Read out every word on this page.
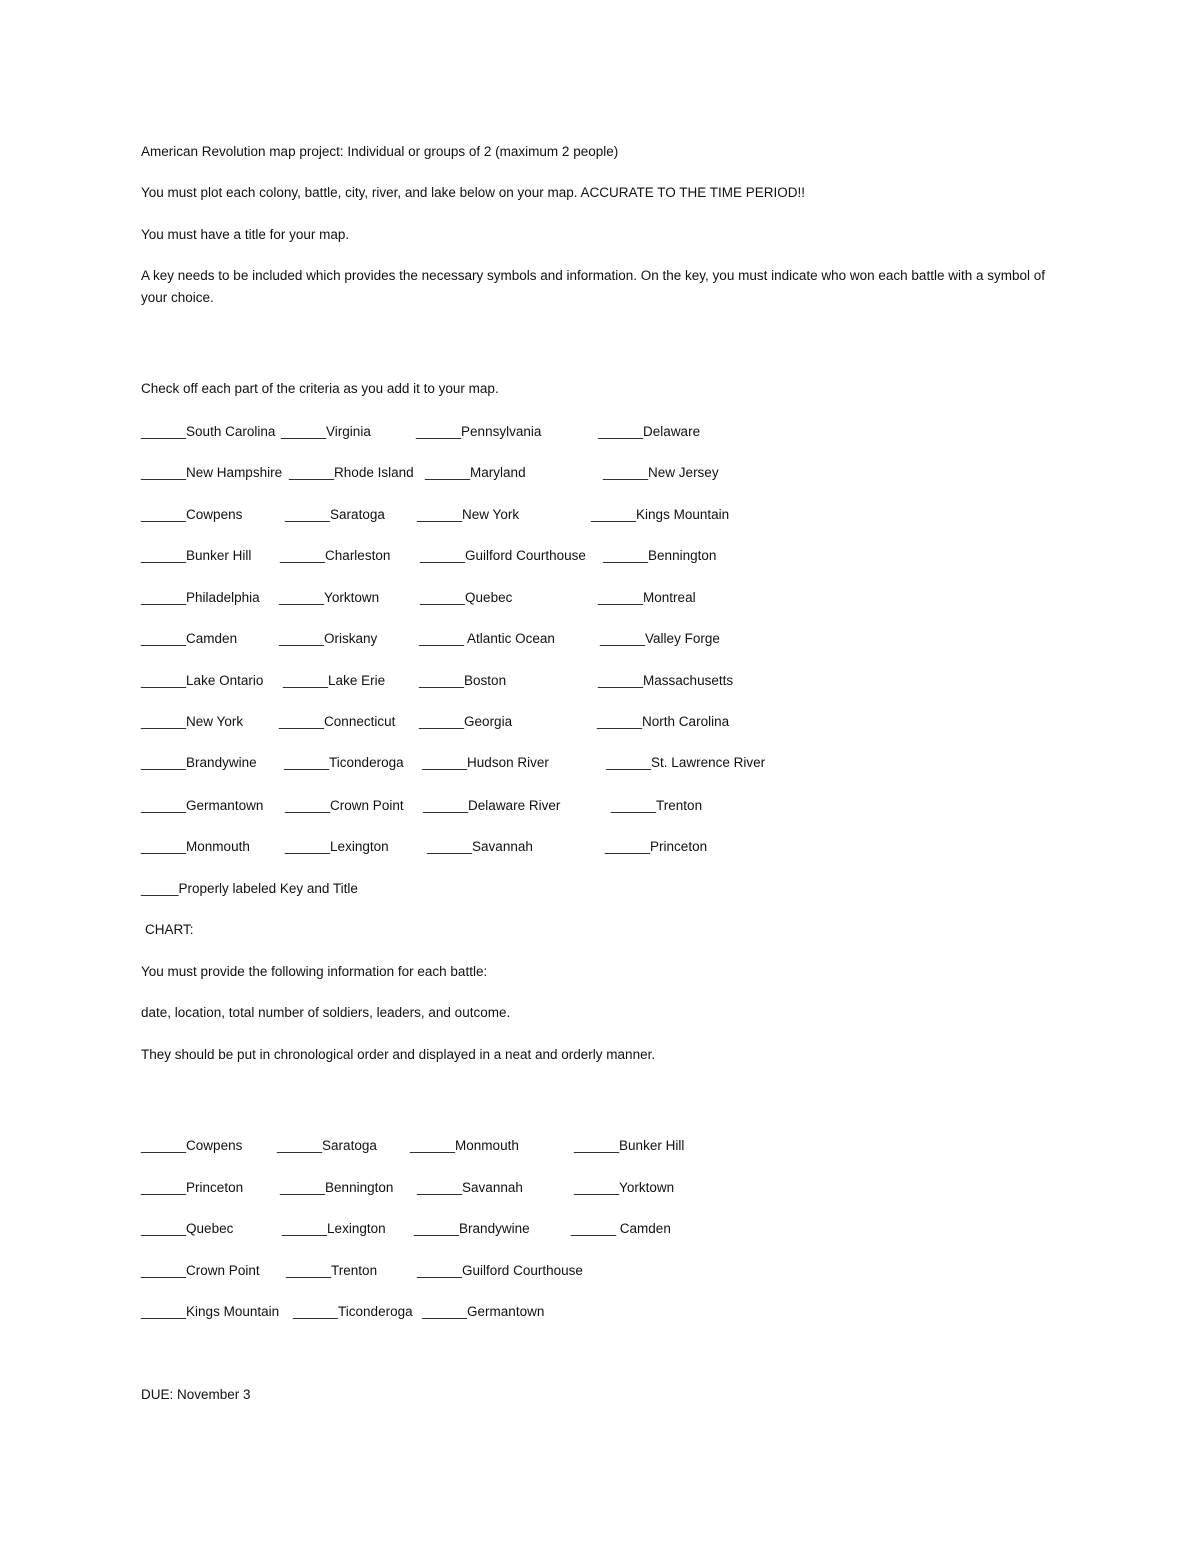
American Revolution map project: Individual or groups of 2 (maximum 2 people)
You must plot each colony, battle, city, river, and lake below on your map. ACCURATE TO THE TIME PERIOD!!
You must have a title for your map.
A key needs to be included which provides the necessary symbols and information. On the key, you must indicate who won each battle with a symbol of your choice.
Check off each part of the criteria as you add it to your map.
______South Carolina ______Virginia	______Pennsylvania	______Delaware
______New Hampshire ______Rhode Island ______Maryland	______New Jersey
______Cowpens	______Saratoga ______New York	______Kings Mountain
______Bunker Hill ______Charleston ______Guilford Courthouse ______Bennington
______Philadelphia ______Yorktown	______Quebec	______Montreal
______Camden	______Oriskany	______ Atlantic Ocean	______Valley Forge
______Lake Ontario ______Lake Erie	______Boston	______Massachusetts
______New York	______Connecticut ______Georgia	______North Carolina
______Brandywine ______Ticonderoga ______Hudson River	______St. Lawrence River
______Germantown ______Crown Point ______Delaware River	______Trenton
______Monmouth	______Lexington	______Savannah	______Princeton
_____Properly labeled Key and Title
CHART:
You must provide the following information for each battle:
date, location, total number of soldiers, leaders, and outcome.
They should be put in chronological order and displayed in a neat and orderly manner.
______Cowpens	______Saratoga ______Monmouth	______Bunker Hill
______Princeton	______Bennington ______Savannah	______Yorktown
______Quebec	______Lexington ______Brandywine	______ Camden
______Crown Point ______Trenton	______Guilford Courthouse
______Kings Mountain ______Ticonderoga ______Germantown
DUE: November 3
